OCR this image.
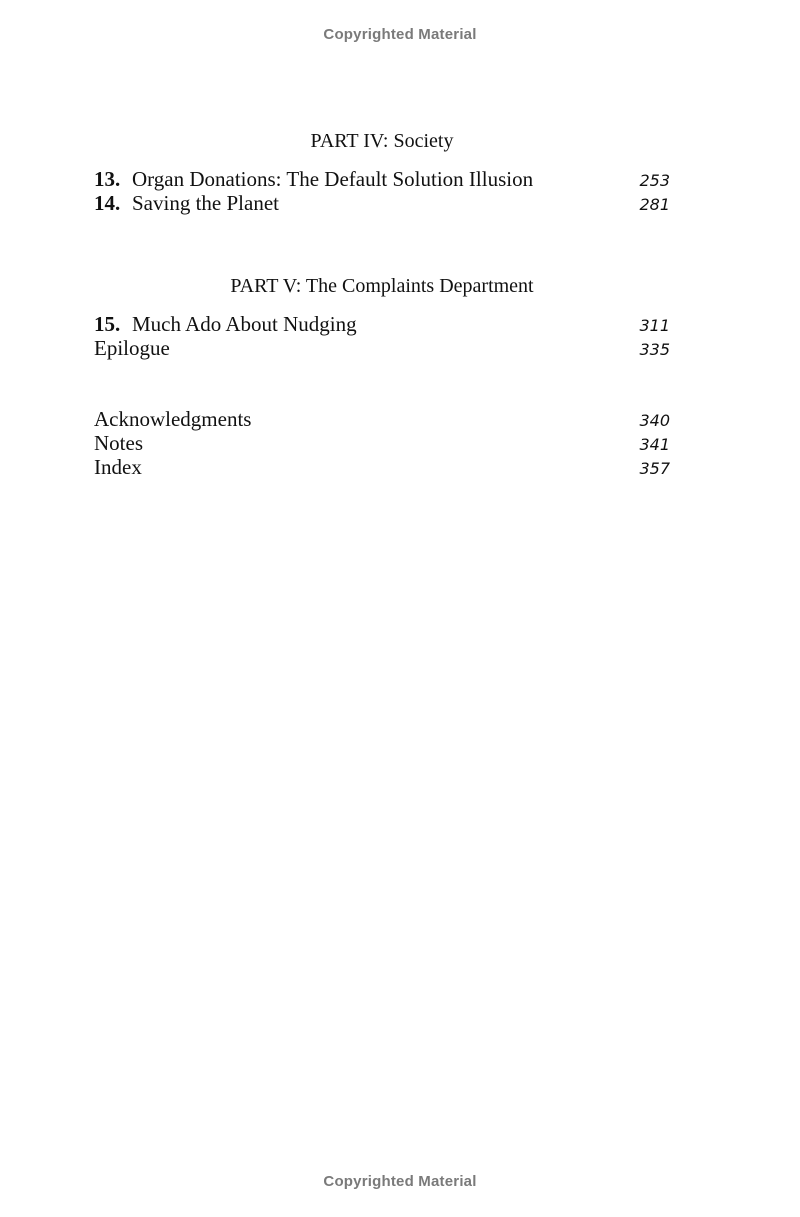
Copyrighted Material
PART IV: Society
13. Organ Donations: The Default Solution Illusion	253
14. Saving the Planet	281
PART V: The Complaints Department
15. Much Ado About Nudging	311
Epilogue	335
Acknowledgments	340
Notes	341
Index	357
Copyrighted Material
